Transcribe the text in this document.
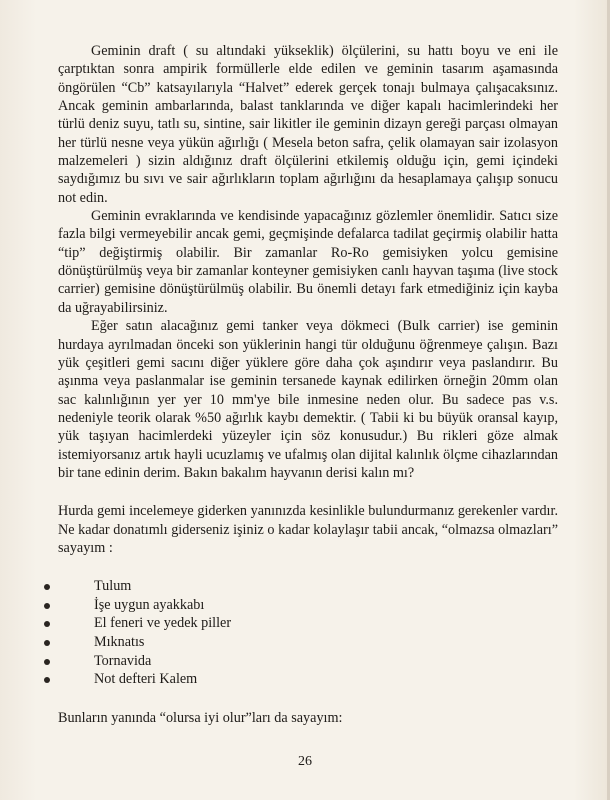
Geminin draft ( su altındaki yükseklik) ölçülerini, su hattı boyu ve eni ile çarptıktan sonra ampirik formüllerle elde edilen ve geminin tasarım aşamasında öngörülen “Cb” katsayılarıyla “Halvet” ederek gerçek tonajı bulmaya çalışacaksınız. Ancak geminin ambarlarında, balast tanklarında ve diğer kapalı hacimlerindeki her türlü deniz suyu, tatlı su, sintine, sair likitler ile geminin dizayn gereği parçası olmayan her türlü nesne veya yükün ağırlığı ( Mesela beton safra, çelik olamayan sair izolasyon malzemeleri ) sizin aldığınız draft ölçülerini etkilemiş olduğu için, gemi içindeki saydığımız bu sıvı ve sair ağırlıkların toplam ağırlığını da hesaplamaya çalışıp sonucu not edin.

Geminin evraklarında ve kendisinde yapacağınız gözlemler önemlidir. Satıcı size fazla bilgi vermeyebilir ancak gemi, geçmişinde defalarca tadilat geçirmiş olabilir hatta “tip” değiştirmiş olabilir. Bir zamanlar Ro-Ro gemisiyken yolcu gemisine dönüştürülmüş veya bir zamanlar konteyner gemisiyken canlı hayvan taşıma (live stock carrier) gemisine dönüştürülmüş olabilir. Bu önemli detayı fark etmediğiniz için kayba da uğrayabilirsiniz.

Eğer satın alacağınız gemi tanker veya dökmeci (Bulk carrier) ise geminin hurdaya ayrılmadan önceki son yüklerinin hangi tür olduğunu öğrenmeye çalışın. Bazı yük çeşitleri gemi sacını diğer yüklere göre daha çok aşındırır veya paslandırır. Bu aşınma veya paslanmalar ise geminin tersanede kaynak edilirken örneğin 20mm olan sac kalınlığının yer yer 10 mm'ye bile inmesine neden olur. Bu sadece pas v.s. nedeniyle teorik olarak %50 ağırlık kaybı demektir. ( Tabii ki bu büyük oransal kayıp, yük taşıyan hacimlerdeki yüzeyler için söz konusudur.) Bu rikleri göze almak istemiyorsanız artık hayli ucuzlamış ve ufalmış olan dijital kalınlık ölçme cihazlarından bir tane edinin derim. Bakın bakalım hayvanın derisi kalın mı?

Hurda gemi incelemeye giderken yanınızda kesinlikle bulundurmanız gerekenler vardır. Ne kadar donatımlı giderseniz işiniz o kadar kolaylaşır tabii ancak, “olmazsa olmazları” sayayım :

Tulum
İşe uygun ayakkabı
El feneri ve yedek piller
Mıknatıs
Tornavida
Not defteri Kalem

Bunların yanında “olursa iyi olur”ları da sayayım:

26
